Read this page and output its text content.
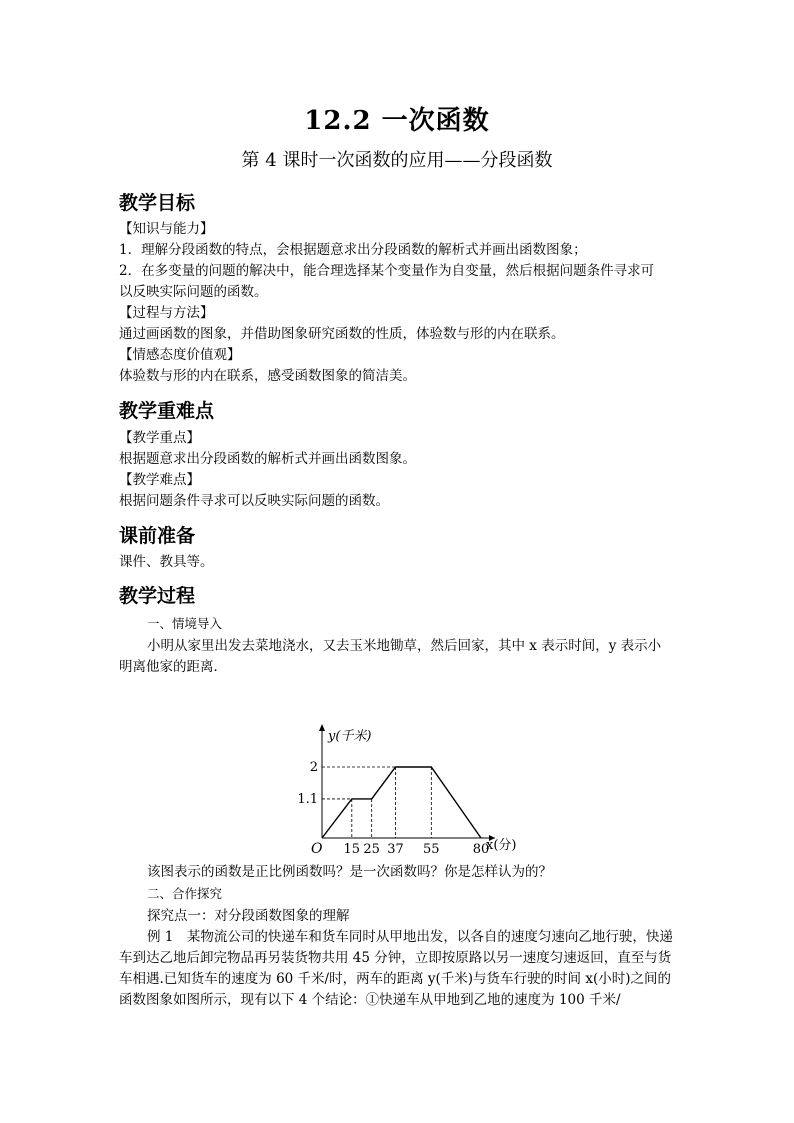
12.2 一次函数
第 4 课时一次函数的应用——分段函数
教学目标
【知识与能力】
1．理解分段函数的特点，会根据题意求出分段函数的解析式并画出函数图象；
2．在多变量的问题的解决中，能合理选择某个变量作为自变量，然后根据问题条件寻求可
以反映实际问题的函数。
【过程与方法】
通过画函数的图象，并借助图象研究函数的性质，体验数与形的内在联系。
【情感态度价值观】
体验数与形的内在联系，感受函数图象的简洁美。
教学重难点
【教学重点】
根据题意求出分段函数的解析式并画出函数图象。
【教学难点】
根据问题条件寻求可以反映实际问题的函数。
课前准备
课件、教具等。
教学过程
一、情境导入
小明从家里出发去菜地浇水，又去玉米地锄草，然后回家，其中 x 表示时间，y 表示小
明离他家的距离．
y(千米)
x(分)
O 15 25 37 55	80
1.1
2
该图表示的函数是正比例函数吗？是一次函数吗？你是怎样认为的？
二、合作探究
探究点一：对分段函数图象的理解
例 1　某物流公司的快递车和货车同时从甲地出发，以各自的速度匀速向乙地行驶，快递车到达乙地后卸完物品再另装货物共用 45 分钟，立即按原路以另一速度匀速返回，直至与货车相遇.已知货车的速度为 60 千米/时，两车的距离 y(千米)与货车行驶的时间 x(小时)之间的函数图象如图所示，现有以下 4 个结论：①快递车从甲地到乙地的速度为 100 千米/
